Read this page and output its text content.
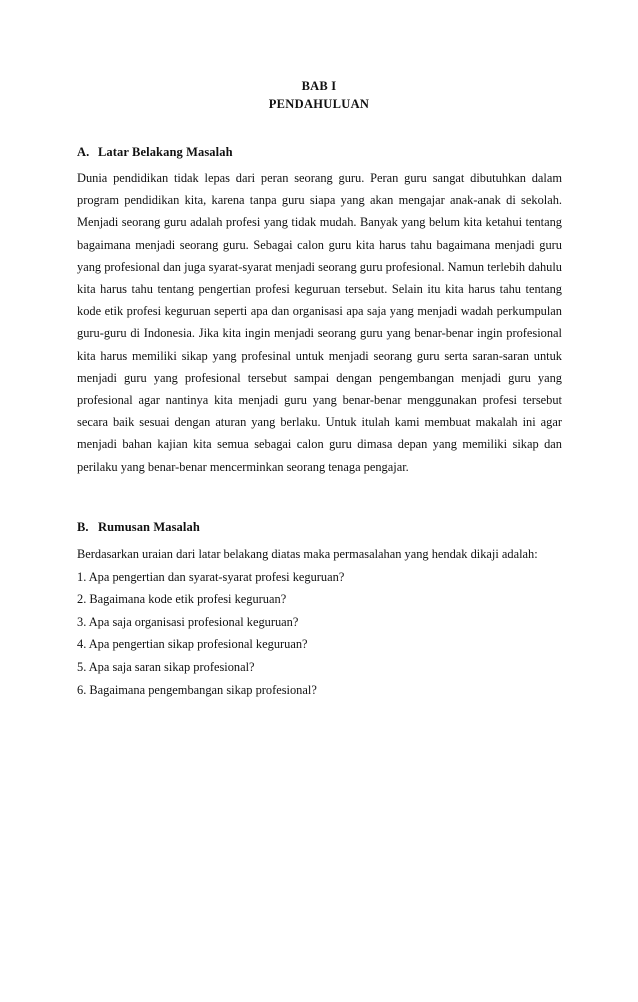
BAB I
PENDAHULUAN
A. Latar Belakang Masalah

Dunia pendidikan tidak lepas dari peran seorang guru. Peran guru sangat dibutuhkan dalam program pendidikan kita, karena tanpa guru siapa yang akan mengajar anak-anak di sekolah. Menjadi seorang guru adalah profesi yang tidak mudah. Banyak yang belum kita ketahui tentang bagaimana menjadi seorang guru. Sebagai calon guru kita harus tahu bagaimana menjadi guru yang profesional dan juga syarat-syarat menjadi seorang guru profesional. Namun terlebih dahulu kita harus tahu tentang pengertian profesi keguruan tersebut. Selain itu kita harus tahu tentang kode etik profesi keguruan seperti apa dan organisasi apa saja yang menjadi wadah perkumpulan guru-guru di Indonesia. Jika kita ingin menjadi seorang guru yang benar-benar ingin profesional kita harus memiliki sikap yang profesinal untuk menjadi seorang guru serta saran-saran untuk menjadi guru yang profesional tersebut sampai dengan pengembangan menjadi guru yang profesional agar nantinya kita menjadi guru yang benar-benar menggunakan profesi tersebut secara baik sesuai dengan aturan yang berlaku. Untuk itulah kami membuat makalah ini agar menjadi bahan kajian kita semua sebagai calon guru dimasa depan yang memiliki sikap dan perilaku yang benar-benar mencerminkan seorang tenaga pengajar.

B. Rumusan Masalah

Berdasarkan uraian dari latar belakang diatas maka permasalahan yang hendak dikaji adalah:

1. Apa pengertian dan syarat-syarat profesi keguruan?
2. Bagaimana kode etik profesi keguruan?
3. Apa saja organisasi profesional keguruan?
4. Apa pengertian sikap profesional keguruan?
5. Apa saja saran sikap profesional?
6. Bagaimana pengembangan sikap profesional?
